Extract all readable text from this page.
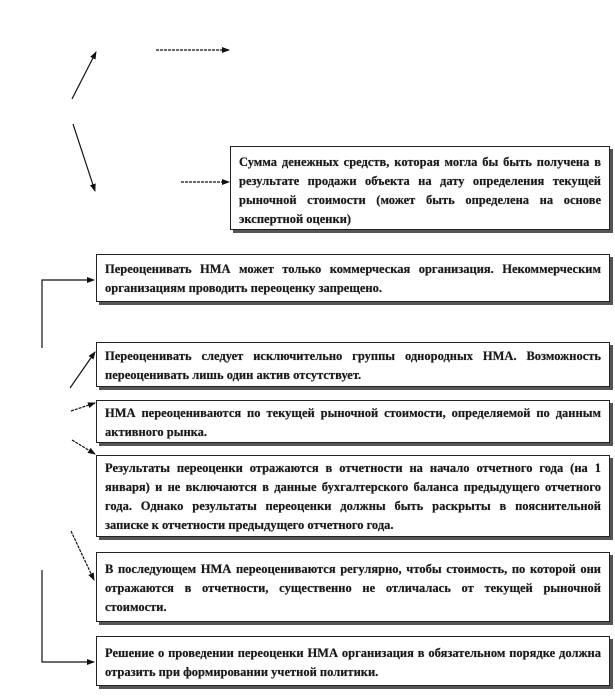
Сумма денежных средств, которая могла бы быть получена в результате продажи объекта на дату определения текущей рыночной стоимости (может быть определена на основе экспертной оценки)

Переоценивать НМА может только коммерческая организация. Некоммерческим организациям проводить переоценку запрещено.

Переоценивать следует исключительно группы однородных НМА. Возможность переоценивать лишь один актив отсутствует.

НМА переоцениваются по текущей рыночной стоимости, определяемой по данным активного рынка.

Результаты переоценки отражаются в отчетности на начало отчетного года (на 1 января) и не включаются в данные бухгалтерского баланса предыдущего отчетного года. Однако результаты переоценки должны быть раскрыты в пояснительной записке к отчетности предыдущего отчетного года.

В последующем НМА переоцениваются регулярно, чтобы стоимость, по которой они отражаются в отчетности, существенно не отличалась от текущей рыночной стоимости.

Решение о проведении переоценки НМА организация в обязательном порядке должна отразить при формировании учетной политики.
